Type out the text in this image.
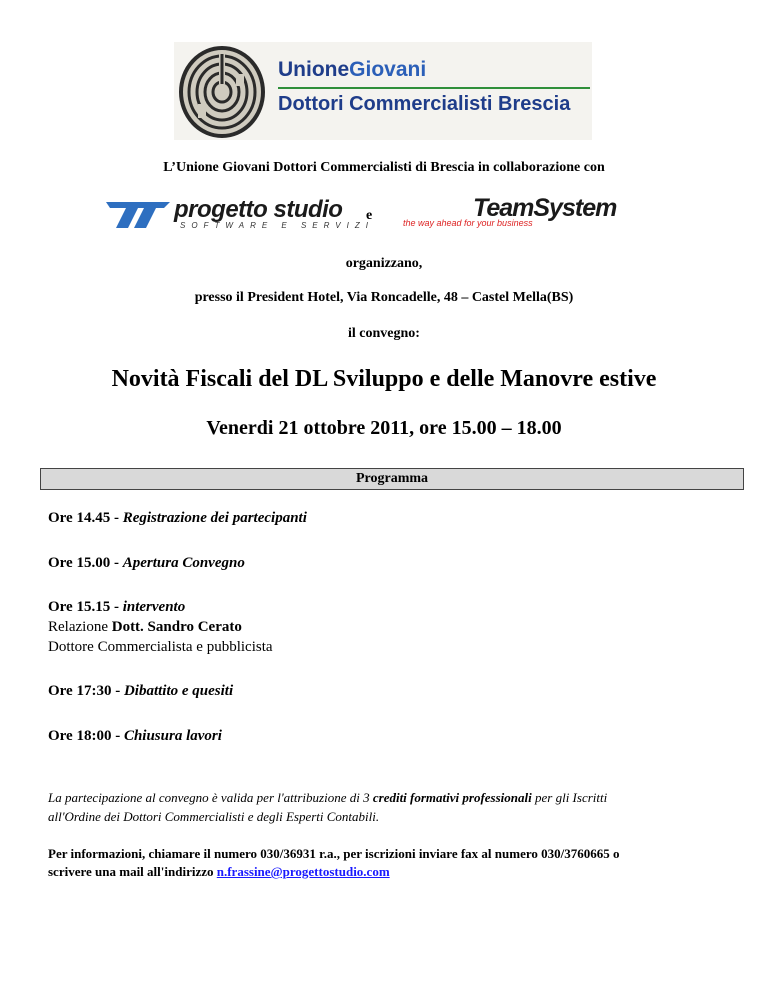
UnioneGiovani
Dottori Commercialisti Brescia
L’Unione Giovani Dottori Commercialisti di Brescia in collaborazione con
progetto studio
SOFTWARE E SERVIZI
e	TeamSystem
the way ahead for your business
organizzano,
presso il President Hotel, Via Roncadelle, 48 – Castel Mella(BS)
il convegno:
Novità Fiscali del DL Sviluppo e delle Manovre estive
Venerdi 21 ottobre 2011, ore 15.00 – 18.00
Programma
Ore 14.45 - Registrazione dei partecipanti
Ore 15.00 - Apertura Convegno
Ore 15.15 - intervento
Relazione Dott. Sandro Cerato
Dottore Commercialista e pubblicista
Ore 17:30 - Dibattito e quesiti
Ore 18:00 - Chiusura lavori
La partecipazione al convegno è valida per l'attribuzione di 3 crediti formativi professionali per gli Iscritti
all'Ordine dei Dottori Commercialisti e degli Esperti Contabili.
Per informazioni, chiamare il numero 030/36931 r.a., per iscrizioni inviare fax al numero 030/3760665 o
scrivere una mail all'indirizzo n.frassine@progettostudio.com
